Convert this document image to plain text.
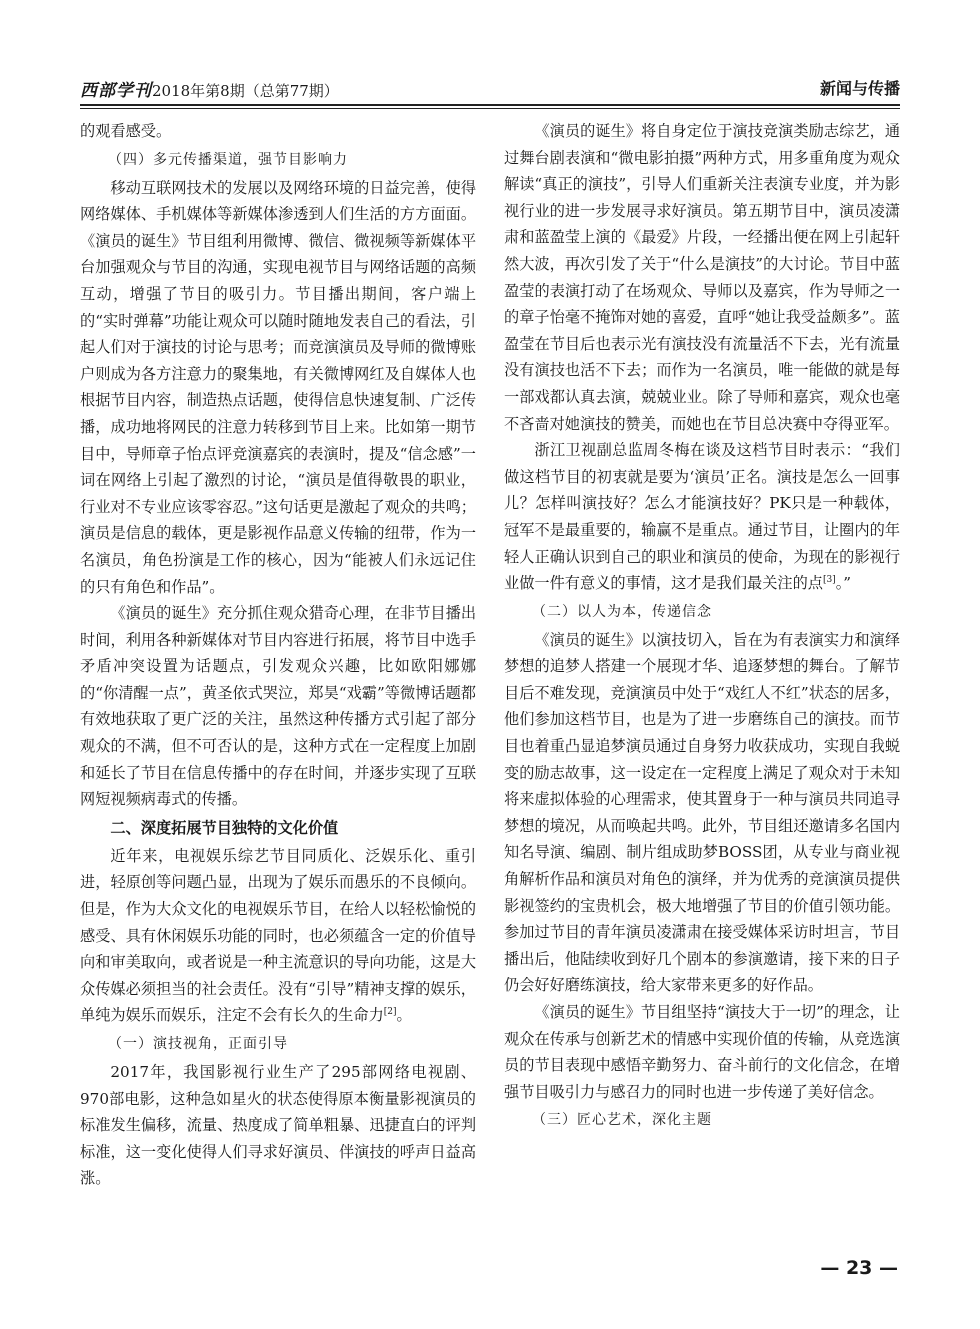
西部学刊2018年第8期（总第77期）	新闻与传播

的观看感受。

（四）多元传播渠道，强节目影响力

移动互联网技术的发展以及网络环境的日益完善，使得网络媒体、手机媒体等新媒体渗透到人们生活的方方面面。《演员的诞生》节目组利用微博、微信、微视频等新媒体平台加强观众与节目的沟通，实现电视节目与网络话题的高频互动，增强了节目的吸引力。节目播出期间，客户端上的“实时弹幕”功能让观众可以随时随地发表自己的看法，引起人们对于演技的讨论与思考；而竞演演员及导师的微博账户则成为各方注意力的聚集地，有关微博网红及自媒体人也根据节目内容，制造热点话题，使得信息快速复制、广泛传播，成功地将网民的注意力转移到节目上来。比如第一期节目中，导师章子怡点评竞演嘉宾的表演时，提及“信念感”一词在网络上引起了激烈的讨论，“演员是值得敬畏的职业，行业对不专业应该零容忍。”这句话更是激起了观众的共鸣；演员是信息的载体，更是影视作品意义传输的纽带，作为一名演员，角色扮演是工作的核心，因为“能被人们永远记住的只有角色和作品”。

《演员的诞生》充分抓住观众猎奇心理，在非节目播出时间，利用各种新媒体对节目内容进行拓展，将节目中选手矛盾冲突设置为话题点，引发观众兴趣，比如欧阳娜娜的“你清醒一点”，黄圣依式哭泣，郑昊“戏霸”等微博话题都有效地获取了更广泛的关注，虽然这种传播方式引起了部分观众的不满，但不可否认的是，这种方式在一定程度上加剧和延长了节目在信息传播中的存在时间，并逐步实现了互联网短视频病毒式的传播。

二、深度拓展节目独特的文化价值

近年来，电视娱乐综艺节目同质化、泛娱乐化、重引进，轻原创等问题凸显，出现为了娱乐而愚乐的不良倾向。但是，作为大众文化的电视娱乐节目，在给人以轻松愉悦的感受、具有休闲娱乐功能的同时，也必须蕴含一定的价值导向和审美取向，或者说是一种主流意识的导向功能，这是大众传媒必须担当的社会责任。没有“引导”精神支撑的娱乐，单纯为娱乐而娱乐，注定不会有长久的生命力[2]。

（一）演技视角，正面引导

2017年，我国影视行业生产了295部网络电视剧、970部电影，这种急如星火的状态使得原本衡量影视演员的标准发生偏移，流量、热度成了简单粗暴、迅捷直白的评判标准，这一变化使得人们寻求好演员、伴演技的呼声日益高涨。

《演员的诞生》将自身定位于演技竞演类励志综艺，通过舞台剧表演和“微电影拍摄”两种方式，用多重角度为观众解读“真正的演技”，引导人们重新关注表演专业度，并为影视行业的进一步发展寻求好演员。第五期节目中，演员凌潇肃和蓝盈莹上演的《最爱》片段，一经播出便在网上引起轩然大波，再次引发了关于“什么是演技”的大讨论。节目中蓝盈莹的表演打动了在场观众、导师以及嘉宾，作为导师之一的章子怡毫不掩饰对她的喜爱，直呼“她让我受益颇多”。蓝盈莹在节目后也表示光有演技没有流量活不下去，光有流量没有演技也活不下去；而作为一名演员，唯一能做的就是每一部戏都认真去演，兢兢业业。除了导师和嘉宾，观众也毫不吝啬对她演技的赞美，而她也在节目总决赛中夺得亚军。

浙江卫视副总监周冬梅在谈及这档节目时表示：“我们做这档节目的初衷就是要为‘演员’正名。演技是怎么一回事儿？怎样叫演技好？怎么才能演技好？PK只是一种载体，冠军不是最重要的，输赢不是重点。通过节目，让圈内的年轻人正确认识到自己的职业和演员的使命，为现在的影视行业做一件有意义的事情，这才是我们最关注的点[3]。”

（二）以人为本，传递信念

《演员的诞生》以演技切入，旨在为有表演实力和演绎梦想的追梦人搭建一个展现才华、追逐梦想的舞台。了解节目后不难发现，竞演演员中处于“戏红人不红”状态的居多，他们参加这档节目，也是为了进一步磨练自己的演技。而节目也着重凸显追梦演员通过自身努力收获成功，实现自我蜕变的励志故事，这一设定在一定程度上满足了观众对于未知将来虚拟体验的心理需求，使其置身于一种与演员共同追寻梦想的境况，从而唤起共鸣。此外，节目组还邀请多名国内知名导演、编剧、制片组成助梦BOSS团，从专业与商业视角解析作品和演员对角色的演绎，并为优秀的竞演演员提供影视签约的宝贵机会，极大地增强了节目的价值引领功能。参加过节目的青年演员凌潇肃在接受媒体采访时坦言，节目播出后，他陆续收到好几个剧本的参演邀请，接下来的日子仍会好好磨练演技，给大家带来更多的好作品。

《演员的诞生》节目组坚持“演技大于一切”的理念，让观众在传承与创新艺术的情感中实现价值的传输，从竞选演员的节目表现中感悟辛勤努力、奋斗前行的文化信念，在增强节目吸引力与感召力的同时也进一步传递了美好信念。

（三）匠心艺术，深化主题
— 23 —
